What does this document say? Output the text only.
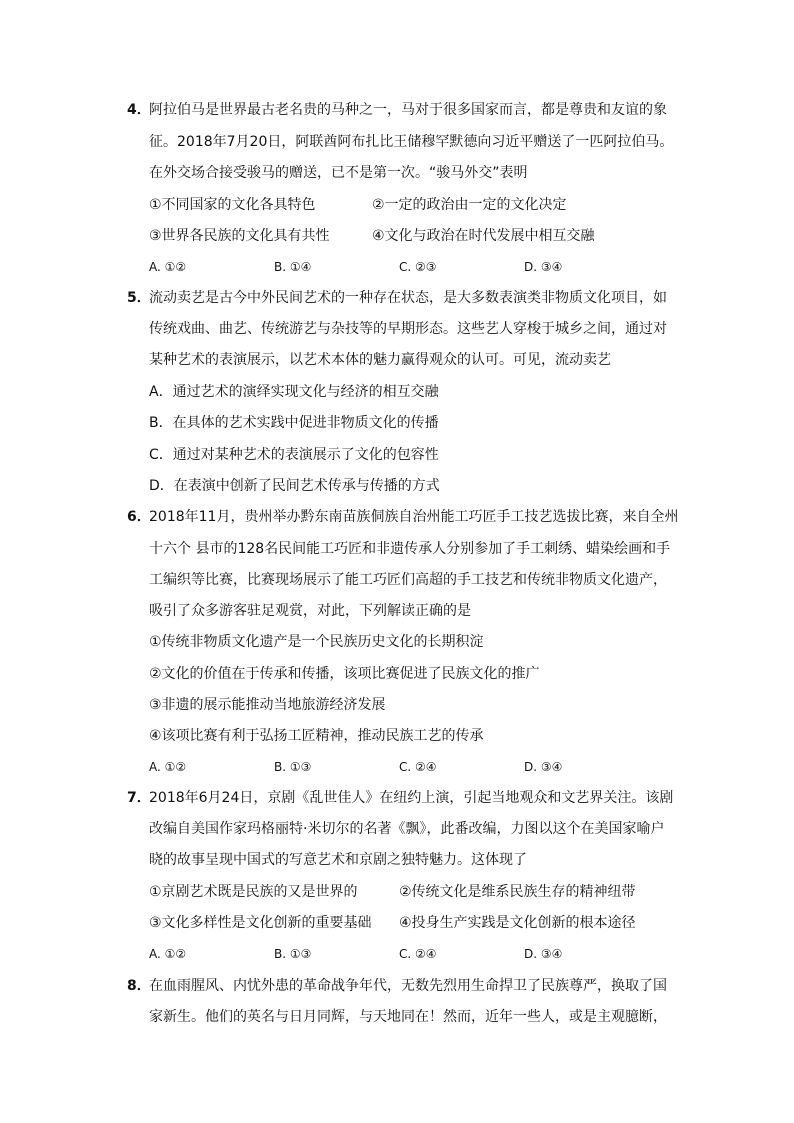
4．
阿拉伯马是世界最古老名贵的马种之一，马对于很多国家而言，都是尊贵和友谊的象
征。2018年7月20日，阿联酋阿布扎比王储穆罕默德向习近平赠送了一匹阿拉伯马。
在外交场合接受骏马的赠送，已不是第一次。“骏马外交”表明
①不同国家的文化各具特色	②一定的政治由一定的文化决定
③世界各民族的文化具有共性	④文化与政治在时代发展中相互交融
A. ①②	B. ①④	C. ②③	D. ③④
5．
流动卖艺是古今中外民间艺术的一种存在状态，是大多数表演类非物质文化项目，如
传统戏曲、曲艺、传统游艺与杂技等的早期形态。这些艺人穿梭于城乡之间，通过对
某种艺术的表演展示，以艺术本体的魅力赢得观众的认可。可见，流动卖艺
A．通过艺术的演绎实现文化与经济的相互交融
B．在具体的艺术实践中促进非物质文化的传播
C．通过对某种艺术的表演展示了文化的包容性
D．在表演中创新了民间艺术传承与传播的方式
6．
2018年11月，贵州举办黔东南苗族侗族自治州能工巧匠手工技艺选拔比赛，来自全州
十六个 县市的128名民间能工巧匠和非遗传承人分别参加了手工刺绣、蜡染绘画和手
工编织等比赛，比赛现场展示了能工巧匠们高超的手工技艺和传统非物质文化遗产，
吸引了众多游客驻足观赏，对此，下列解读正确的是
①传统非物质文化遗产是一个民族历史文化的长期积淀
②文化的价值在于传承和传播，该项比赛促进了民族文化的推广
③非遗的展示能推动当地旅游经济发展
④该项比赛有利于弘扬工匠精神，推动民族工艺的传承
A. ①②	B. ①③	C. ②④	D. ③④
7．
2018年6月24日，京剧《乱世佳人》在纽约上演，引起当地观众和文艺界关注。该剧
改编自美国作家玛格丽特·米切尔的名著《飘》，此番改编，力图以这个在美国家喻户
晓的故事呈现中国式的写意艺术和京剧之独特魅力。这体现了
①京剧艺术既是民族的又是世界的	②传统文化是维系民族生存的精神纽带
③文化多样性是文化创新的重要基础 ④投身生产实践是文化创新的根本途径
A. ①②	B. ①③	C. ②④	D. ③④
8．
在血雨腥风、内忧外患的革命战争年代，无数先烈用生命捍卫了民族尊严，换取了国
家新生。他们的英名与日月同辉，与天地同在！然而，近年一些人，或是主观臆断，
